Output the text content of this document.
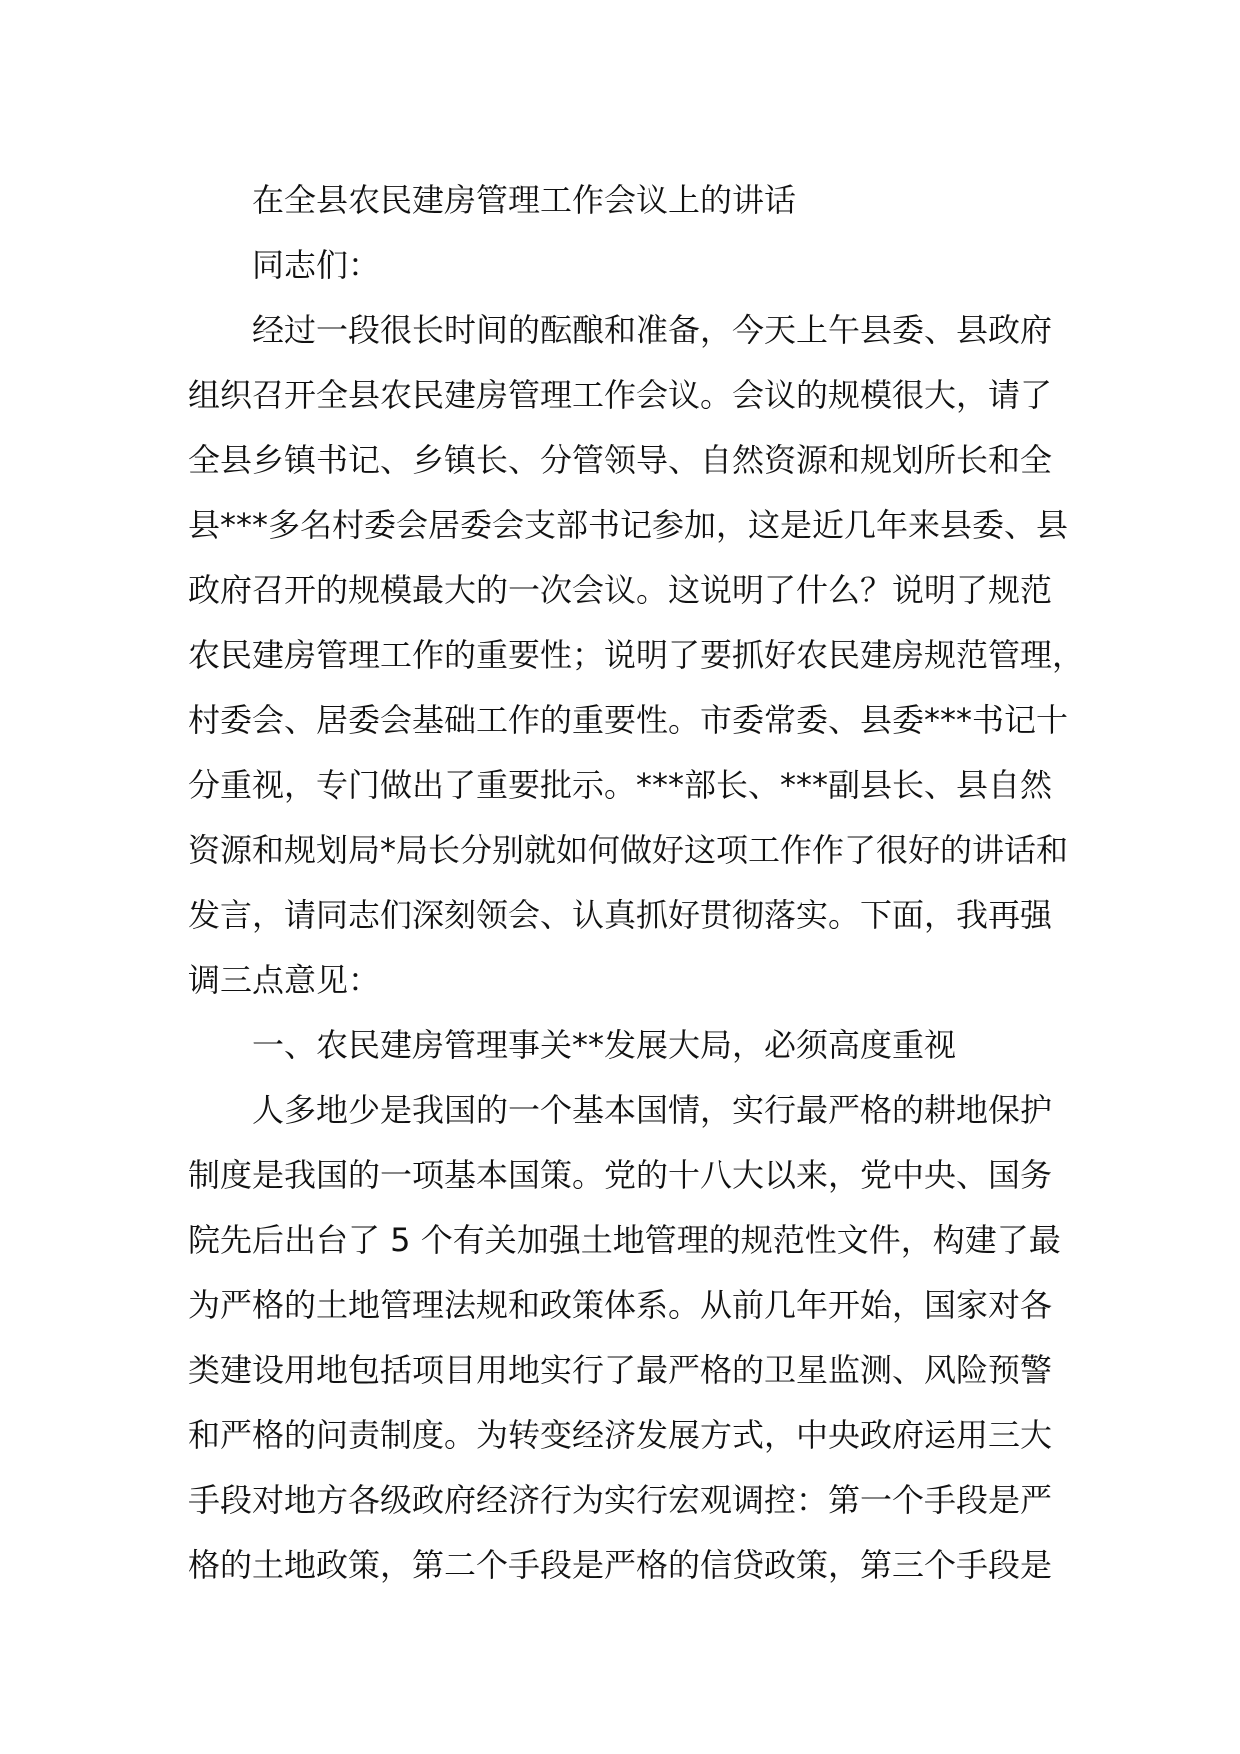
在全县农民建房管理工作会议上的讲话
同志们：
经过一段很长时间的酝酿和准备，今天上午县委、县政府
组织召开全县农民建房管理工作会议。会议的规模很大，请了
全县乡镇书记、乡镇长、分管领导、自然资源和规划所长和全
县***多名村委会居委会支部书记参加，这是近几年来县委、县
政府召开的规模最大的一次会议。这说明了什么？说明了规范
农民建房管理工作的重要性；说明了要抓好农民建房规范管理，
村委会、居委会基础工作的重要性。市委常委、县委***书记十
分重视，专门做出了重要批示。***部长、***副县长、县自然
资源和规划局*局长分别就如何做好这项工作作了很好的讲话和
发言，请同志们深刻领会、认真抓好贯彻落实。下面，我再强
调三点意见：
一、农民建房管理事关**发展大局，必须高度重视
人多地少是我国的一个基本国情，实行最严格的耕地保护
制度是我国的一项基本国策。党的十八大以来，党中央、国务
院先后出台了 5 个有关加强土地管理的规范性文件，构建了最
为严格的土地管理法规和政策体系。从前几年开始，国家对各
类建设用地包括项目用地实行了最严格的卫星监测、风险预警
和严格的问责制度。为转变经济发展方式，中央政府运用三大
手段对地方各级政府经济行为实行宏观调控：第一个手段是严
格的土地政策，第二个手段是严格的信贷政策，第三个手段是
